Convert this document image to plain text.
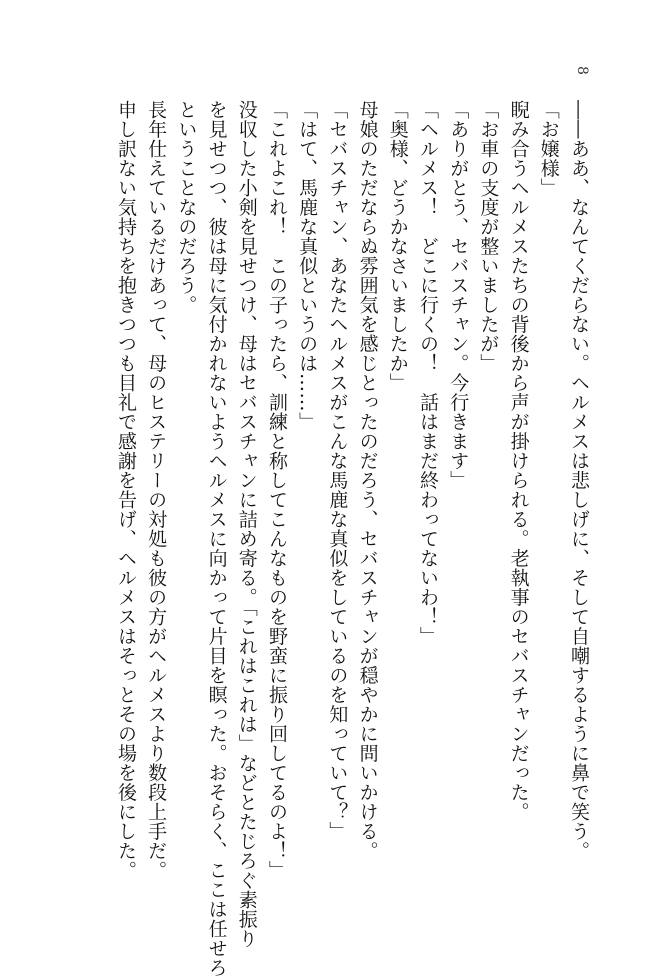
8

――ああ、なんてくだらない。ヘルメスは悲しげに、そして自嘲するように鼻で笑う。

「お嬢様」

睨み合うヘルメスたちの背後から声が掛けられる。老執事のセバスチャンだった。

「お車の支度が整いましたが」

「ありがとう、セバスチャン。今行きます」

「ヘルメス！　どこに行くの！　話はまだ終わってないわ！」

「奥様、どうかなさいましたか」

母娘のただならぬ雰囲気を感じとったのだろう、セバスチャンが穏やかに問いかける。

「セバスチャン、あなたヘルメスがこんな馬鹿な真似をしているのを知っていて？」

「はて、馬鹿な真似というのは……」

「これよこれ！　この子ったら、訓練と称してこんなものを野蛮に振り回してるのよ！」

没収した小剣を見せつけ、母はセバスチャンに詰め寄る。「これはこれは」などとたじろぐ素振り

を見せつつ、彼は母に気付かれないようヘルメスに向かって片目を瞑った。おそらく、ここは任せろ

ということなのだろう。

長年仕えているだけあって、母のヒステリーの対処も彼の方がヘルメスより数段上手だ。

申し訳ない気持ちを抱きつつも目礼で感謝を告げ、ヘルメスはそっとその場を後にした。
